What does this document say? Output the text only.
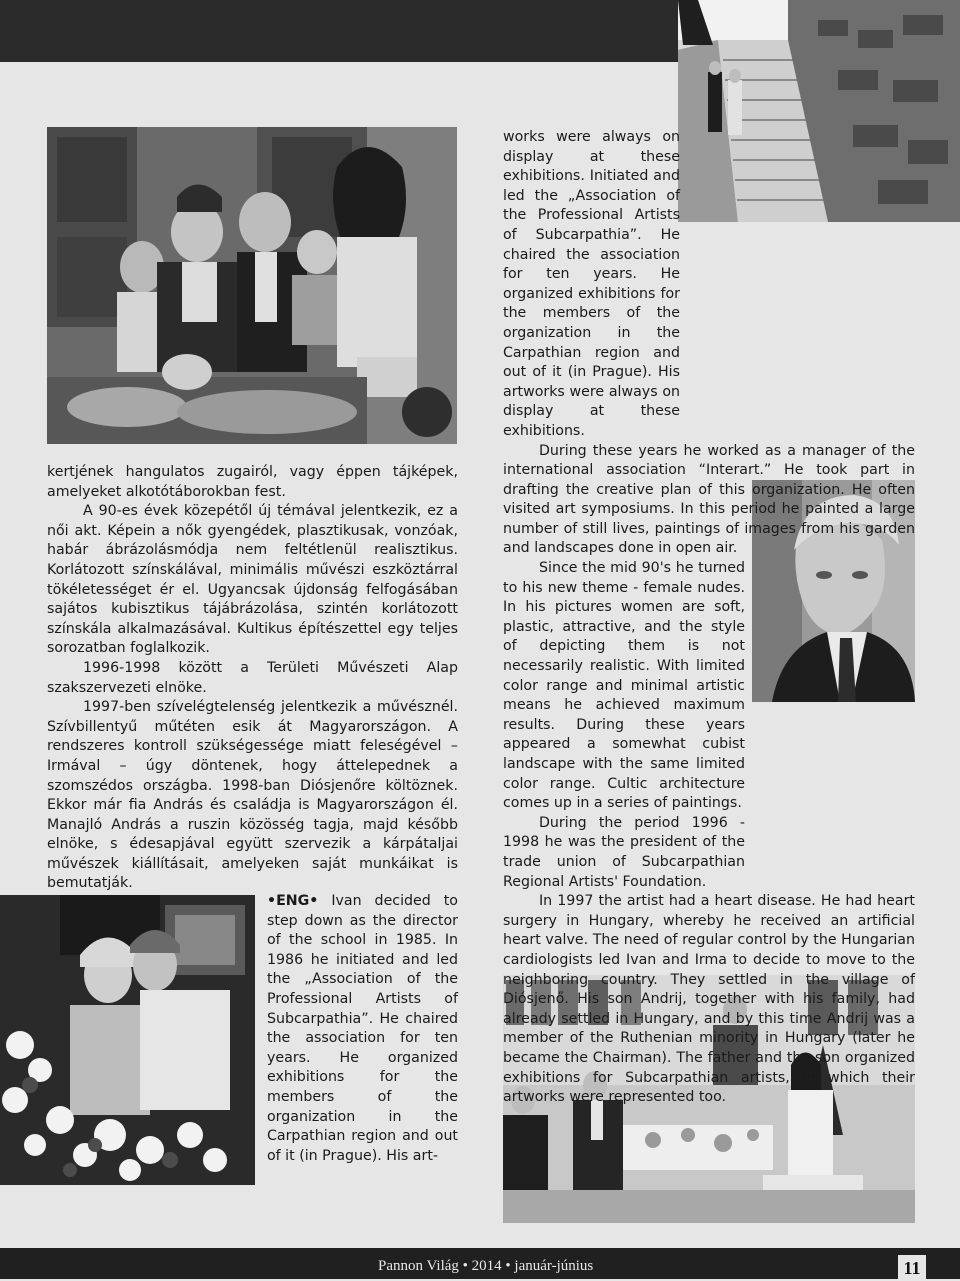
kertjének hangulatos zugairól, vagy éppen tájképek, amelyeket alkotótáborokban fest.

A 90-es évek közepétől új témával jelentkezik, ez a női akt. Képein a nők gyengédek, plasztikusak, vonzóak, habár ábrázolásmódja nem feltétlenül realisztikus. Korlátozott színskálával, minimális művészi eszköztárral tökéletességet ér el. Ugyancsak újdonság felfogásában sajátos kubisztikus tájábrázolása, szintén korlátozott színskála alkalmazásával. Kultikus építészettel egy teljes sorozatban foglalkozik.

1996-1998 között a Területi Művészeti Alap szakszervezeti elnöke.

1997-ben szívelégtelenség jelentkezik a művésznél. Szívbillentyű műtéten esik át Magyarországon. A rendszeres kontroll szükségessége miatt feleségével – Irmával – úgy döntenek, hogy áttelepednek a szomszédos országba. 1998-ban Diósjenőre költöznek. Ekkor már fia András és családja is Magyarországon él. Manajló András a ruszin közösség tagja, majd később elnöke, s édesapjával együtt szervezik a kárpátaljai művészek kiállításait, amelyeken saját munkáikat is bemutatják.

•ENG• Ivan decided to step down as the director of the school in 1985. In 1986 he initiated and led the „Association of the Professional Artists of Subcarpathia”. He chaired the association for ten years. He organized exhibitions for the members of the organization in the Carpathian region and out of it (in Prague). His art-

works were always on display at these exhibitions. Initiated and led the „Association of the Professional Artists of Subcarpathia”. He chaired the association for ten years. He organized exhibitions for the members of the organization in the Carpathian region and out of it (in Prague). His artworks were always on display at these exhibitions.

During these years he worked as a manager of the international association “Interart.” He took part in drafting the creative plan of this organization. He often visited art symposiums. In this period he painted a large number of still lives, paintings of images from his garden and landscapes done in open air.

Since the mid 90's he turned to his new theme - female nudes. In his pictures women are soft, plastic, attractive, and the style of depicting them is not necessarily realistic. With limited color range and minimal artistic means he achieved maximum results. During these years appeared a somewhat cubist landscape with the same limited color range. Cultic architecture comes up in a series of paintings.

During the period 1996 - 1998 he was the president of the trade union of Subcarpathian Regional Artists' Foundation.

In 1997 the artist had a heart disease. He had heart surgery in Hungary, whereby he received an artificial heart valve. The need of regular control by the Hungarian cardiologists led Ivan and Irma to decide to move to the neighboring country. They settled in the village of Diósjenő. His son Andrij, together with his family, had already settled in Hungary, and by this time Andrij was a member of the Ruthenian minority in Hungary (later he became the Chairman). The father and the son organized exhibitions for Subcarpathian artists, in which their artworks were represented too.

Pannon Világ • 2014 • január-június	11
